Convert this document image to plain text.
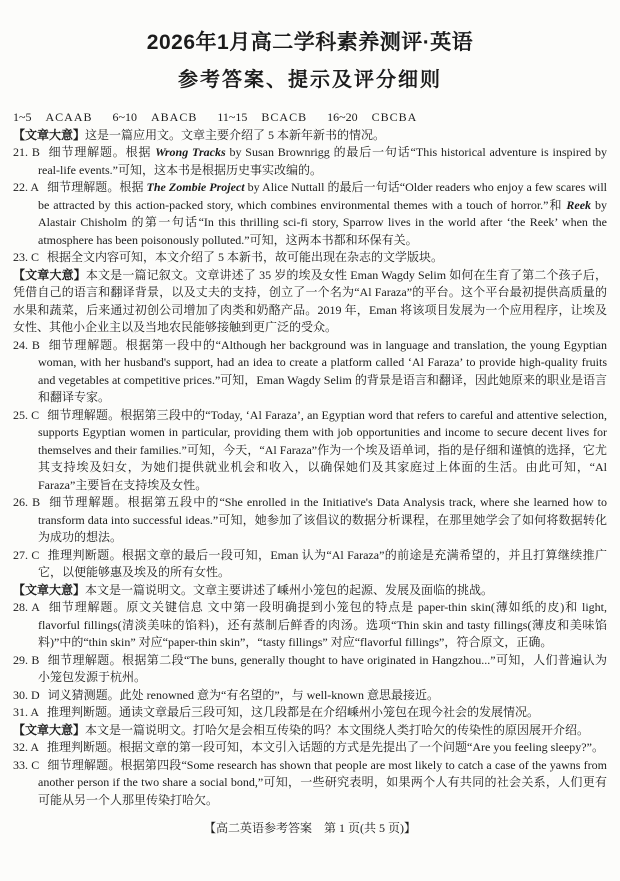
2026年1月高二学科素养测评·英语
参考答案、提示及评分细则

1~5 ACAAB 6~10 ABACB 11~15 BCACB 16~20 CBCBA

【文章大意】这是一篇应用文。文章主要介绍了 5 本新年新书的情况。

21. B 细节理解题。根据 Wrong Tracks by Susan Brownrigg 的最后一句话“This historical adventure is inspired by real-life events.”可知，这本书是根据历史事实改编的。

22. A 细节理解题。根据 The Zombie Project by Alice Nuttall 的最后一句话“Older readers who enjoy a few scares will be attracted by this action-packed story, which combines environmental themes with a touch of horror.”和 Reek by Alastair Chisholm 的第一句话“In this thrilling sci-fi story, Sparrow lives in the world after ‘the Reek’ when the atmosphere has been poisonously polluted.”可知，这两本书都和环保有关。

23. C 根据全文内容可知，本文介绍了 5 本新书，故可能出现在杂志的文学版块。

【文章大意】本文是一篇记叙文。文章讲述了 35 岁的埃及女性 Eman Wagdy Selim 如何在生育了第二个孩子后，凭借自己的语言和翻译背景，以及丈夫的支持，创立了一个名为“Al Faraza”的平台。这个平台最初提供高质量的水果和蔬菜，后来通过初创公司增加了肉类和奶酪产品。2019 年，Eman 将该项目发展为一个应用程序，让埃及女性、其他小企业主以及当地农民能够接触到更广泛的受众。

24. B 细节理解题。根据第一段中的“Although her background was in language and translation, the young Egyptian woman, with her husband's support, had an idea to create a platform called ‘Al Faraza’ to provide high-quality fruits and vegetables at competitive prices.”可知，Eman Wagdy Selim 的背景是语言和翻译，因此她原来的职业是语言和翻译专家。

25. C 细节理解题。根据第三段中的“Today, ‘Al Faraza’, an Egyptian word that refers to careful and attentive selection, supports Egyptian women in particular, providing them with job opportunities and income to secure decent lives for themselves and their families.”可知，今天，“Al Faraza”作为一个埃及语单词，指的是仔细和谨慎的选择，它尤其支持埃及妇女，为她们提供就业机会和收入，以确保她们及其家庭过上体面的生活。由此可知，“Al Faraza”主要旨在支持埃及女性。

26. B 细节理解题。根据第五段中的“She enrolled in the Initiative's Data Analysis track, where she learned how to transform data into successful ideas.”可知，她参加了该倡议的数据分析课程，在那里她学会了如何将数据转化为成功的想法。

27. C 推理判断题。根据文章的最后一段可知，Eman 认为“Al Faraza”的前途是充满希望的，并且打算继续推广它，以便能够惠及埃及的所有女性。

【文章大意】本文是一篇说明文。文章主要讲述了嵊州小笼包的起源、发展及面临的挑战。

28. A 细节理解题。原文关键信息 文中第一段明确提到小笼包的特点是 paper-thin skin(薄如纸的皮)和 light, flavorful fillings(清淡美味的馅料)，还有蒸制后鲜香的肉汤。选项“Thin skin and tasty fillings(薄皮和美味馅料)”中的“thin skin” 对应“paper-thin skin”，“tasty fillings” 对应“flavorful fillings”，符合原文，正确。

29. B 细节理解题。根据第二段“The buns, generally thought to have originated in Hangzhou...”可知，人们普遍认为小笼包发源于杭州。

30. D 词义猜测题。此处 renowned 意为“有名望的”，与 well-known 意思最接近。

31. A 推理判断题。通读文章最后三段可知，这几段都是在介绍嵊州小笼包在现今社会的发展情况。

【文章大意】本文是一篇说明文。打哈欠是会相互传染的吗？本文围绕人类打哈欠的传染性的原因展开介绍。

32. A 推理判断题。根据文章的第一段可知，本文引入话题的方式是先提出了一个问题“Are you feeling sleepy?”。

33. C 细节理解题。根据第四段“Some research has shown that people are most likely to catch a case of the yawns from another person if the two share a social bond,”可知，一些研究表明，如果两个人有共同的社会关系，人们更有可能从另一个人那里传染打哈欠。

【高二英语参考答案　第 1 页(共 5 页)】
